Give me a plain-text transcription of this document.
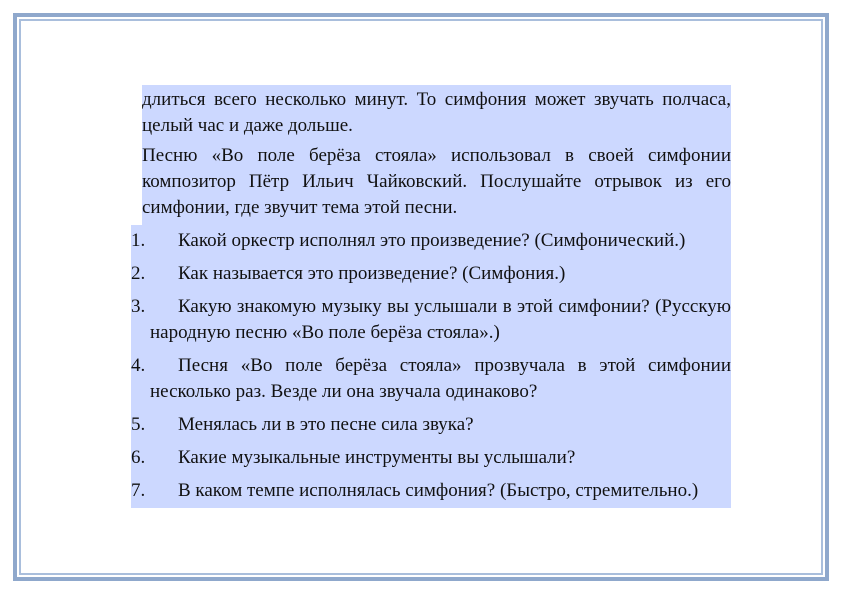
длиться всего несколько минут. То симфония может звучать полчаса, целый час и даже дольше.
Песню «Во поле берёза стояла» использовал в своей симфонии композитор Пётр Ильич Чайковский. Послушайте отрывок из его симфонии, где звучит тема этой песни.
1.	Какой оркестр исполнял это произведение? (Симфонический.)
2.	Как называется это произведение? (Симфония.)
3.	Какую знакомую музыку вы услышали в этой симфонии? (Русскую народную песню «Во поле берёза стояла».)
4.	Песня «Во поле берёза стояла» прозвучала в этой симфонии несколько раз. Везде ли она звучала одинаково?
5.	Менялась ли в это песне сила звука?
6.	Какие музыкальные инструменты вы услышали?
7.	В каком темпе исполнялась симфония? (Быстро, стремительно.)
